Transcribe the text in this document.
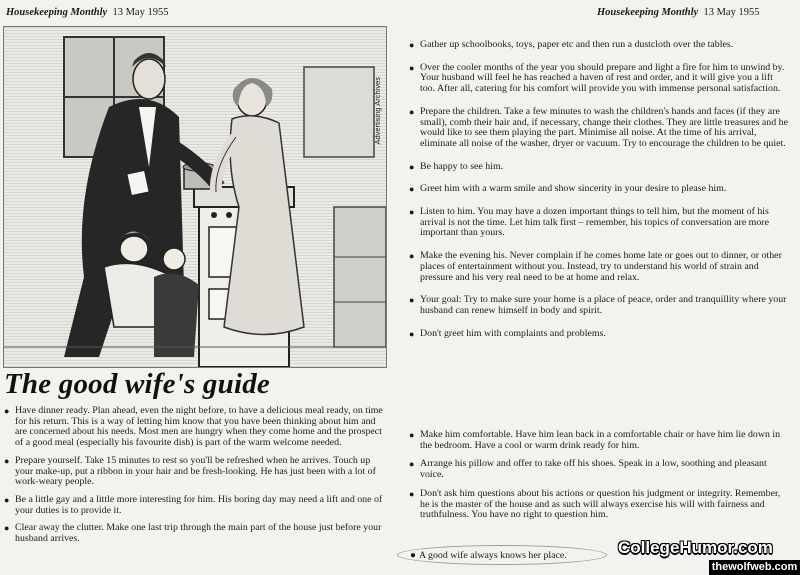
Housekeeping Monthly 13 May 1955	Housekeeping Monthly 13 May 1955
Advertising Archives
The good wife's guide
● Have dinner ready. Plan ahead, even the night before, to have a delicious meal ready, on time for his return. This is a way of letting him know that you have been thinking about him and are concerned about his needs. Most men are hungry when they come home and the prospect of a good meal (especially his favourite dish) is part of the warm welcome needed.
● Prepare yourself. Take 15 minutes to rest so you'll be refreshed when he arrives. Touch up your make-up, put a ribbon in your hair and be fresh-looking. He has just been with a lot of work-weary people.
● Be a little gay and a little more interesting for him. His boring day may need a lift and one of your duties is to provide it.
● Clear away the clutter. Make one last trip through the main part of the house just before your husband arrives.
● Gather up schoolbooks, toys, paper etc and then run a dustcloth over the tables.
● Over the cooler months of the year you should prepare and light a fire for him to unwind by. Your husband will feel he has reached a haven of rest and order, and it will give you a lift too. After all, catering for his comfort will provide you with immense personal satisfaction.
● Prepare the children. Take a few minutes to wash the children's hands and faces (if they are small), comb their hair and, if necessary, change their clothes. They are little treasures and he would like to see them playing the part. Minimise all noise. At the time of his arrival, eliminate all noise of the washer, dryer or vacuum. Try to encourage the children to be quiet.
● Be happy to see him.
● Greet him with a warm smile and show sincerity in your desire to please him.
● Listen to him. You may have a dozen important things to tell him, but the moment of his arrival is not the time. Let him talk first – remember, his topics of conversation are more important than yours.
● Make the evening his. Never complain if he comes home late or goes out to dinner, or other places of entertainment without you. Instead, try to understand his world of strain and pressure and his very real need to be at home and relax.
● Your goal: Try to make sure your home is a place of peace, order and tranquillity where your husband can renew himself in body and spirit.
● Don't greet him with complaints and problems.
● Make him comfortable. Have him lean back in a comfortable chair or have him lie down in the bedroom. Have a cool or warm drink ready for him.
● Arrange his pillow and offer to take off his shoes. Speak in a low, soothing and pleasant voice.
● Don't ask him questions about his actions or question his judgment or integrity. Remember, he is the master of the house and as such will always exercise his will with fairness and truthfulness. You have no right to question him.
● A good wife always knows her place.	CollegeHumor.com
thewolfweb.com
